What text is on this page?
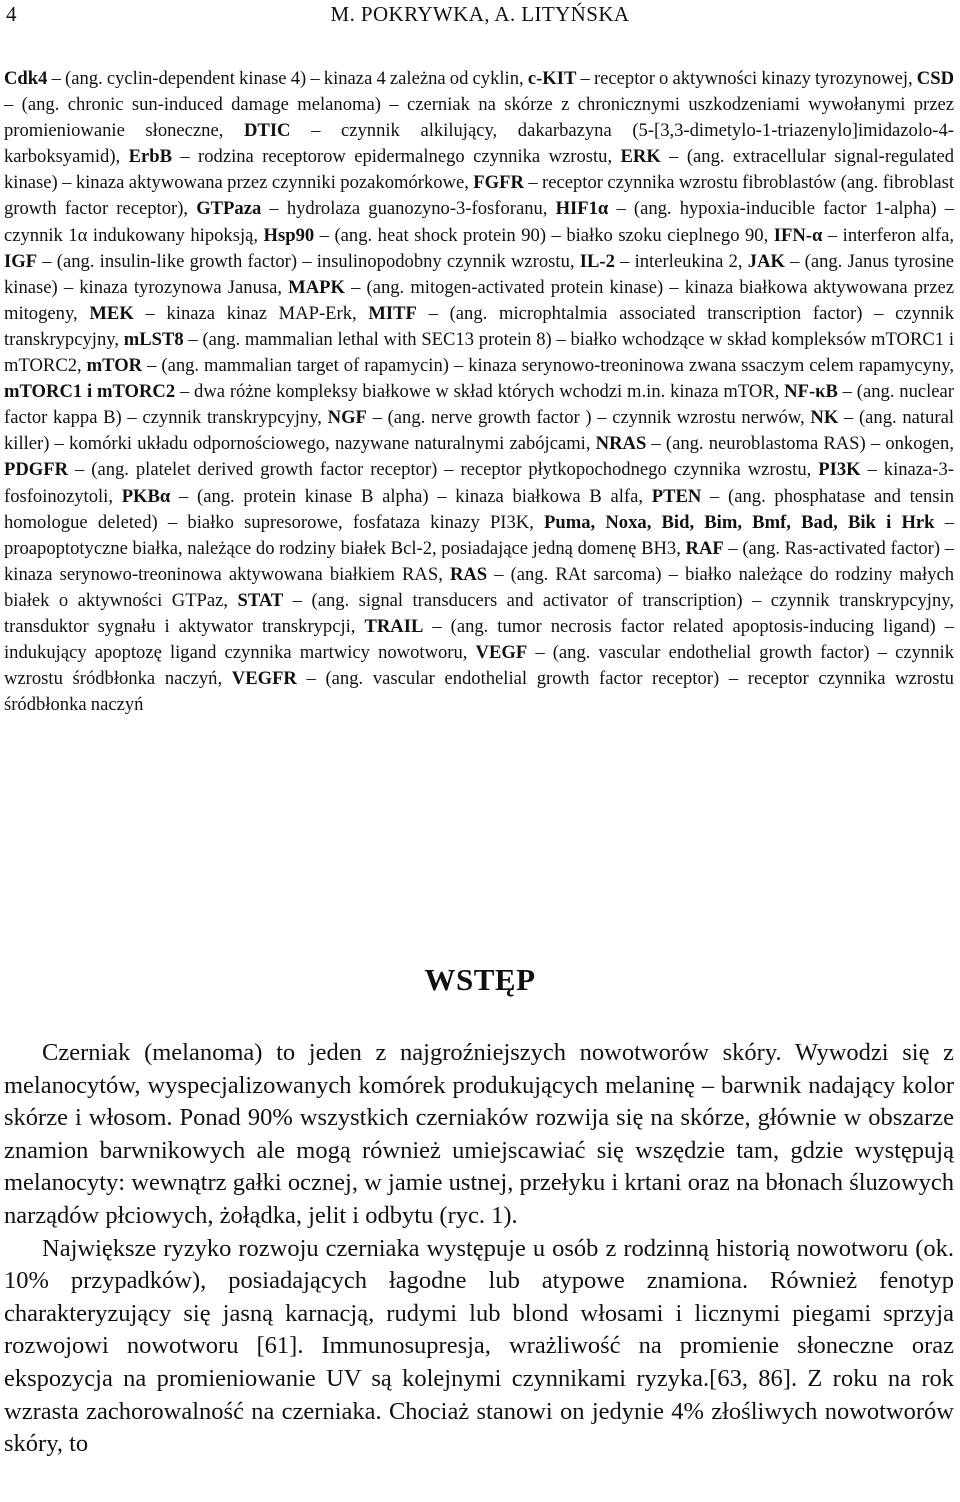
4	M. POKRYWKA, A. LITYŃSKA
Cdk4 – (ang. cyclin-dependent kinase 4) – kinaza 4 zależna od cyklin, c-KIT – receptor o aktywności kinazy tyrozynowej, CSD – (ang. chronic sun-induced damage melanoma) – czerniak na skórze z chronicznymi uszkodzeniami wywołanymi przez promieniowanie słoneczne, DTIC – czynnik alkilujący, dakarbazyna (5-[3,3-dimetylo-1-triazenylo]imidazolo-4-karboksyamid), ErbB – rodzina receptorow epidermalnego czynnika wzrostu, ERK – (ang. extracellular signal-regulated kinase) – kinaza aktywowana przez czynniki pozakomórkowe, FGFR – receptor czynnika wzrostu fibroblastów (ang. fibroblast growth factor receptor), GTPaza – hydrolaza guanozyno-3-fosforanu, HIF1α – (ang. hypoxia-inducible factor 1-alpha) – czynnik 1α indukowany hipoksją, Hsp90 – (ang. heat shock protein 90) – białko szoku cieplnego 90, IFN-α – interferon alfa, IGF – (ang. insulin-like growth factor) – insulinopodobny czynnik wzrostu, IL-2 – interleukina 2, JAK – (ang. Janus tyrosine kinase) – kinaza tyrozynowa Janusa, MAPK – (ang. mitogen-activated protein kinase) – kinaza białkowa aktywowana przez mitogeny, MEK – kinaza kinaz MAP-Erk, MITF – (ang. microphtalmia associated transcription factor) – czynnik transkrypcyjny, mLST8 – (ang. mammalian lethal with SEC13 protein 8) – białko wchodzące w skład kompleksów mTORC1 i mTORC2, mTOR – (ang. mammalian target of rapamycin) – kinaza serynowo-treoninowa zwana ssaczym celem rapamycyny, mTORC1 i mTORC2 – dwa różne kompleksy białkowe w skład których wchodzi m.in. kinaza mTOR, NF-κB – (ang. nuclear factor kappa B) – czynnik transkrypcyjny, NGF – (ang. nerve growth factor ) – czynnik wzrostu nerwów, NK – (ang. natural killer) – komórki układu odpornościowego, nazywane naturalnymi zabójcami, NRAS – (ang. neuroblastoma RAS) – onkogen, PDGFR – (ang. platelet derived growth factor receptor) – receptor płytkopochodnego czynnika wzrostu, PI3K – kinaza-3-fosfoinozytoli, PKBα – (ang. protein kinase B alpha) – kinaza białkowa B alfa, PTEN – (ang. phosphatase and tensin homologue deleted) – białko supresorowe, fosfataza kinazy PI3K, Puma, Noxa, Bid, Bim, Bmf, Bad, Bik i Hrk – proapoptotyczne białka, należące do rodziny białek Bcl-2, posiadające jedną domenę BH3, RAF – (ang. Ras-activated factor) – kinaza serynowo-treoninowa aktywowana białkiem RAS, RAS – (ang. RAt sarcoma) – białko należące do rodziny małych białek o aktywności GTPaz, STAT – (ang. signal transducers and activator of transcription) – czynnik transkrypcyjny, transduktor sygnału i aktywator transkrypcji, TRAIL – (ang. tumor necrosis factor related apoptosis-inducing ligand) – indukujący apoptozę ligand czynnika martwicy nowotworu, VEGF – (ang. vascular endothelial growth factor) – czynnik wzrostu śródbłonka naczyń, VEGFR – (ang. vascular endothelial growth factor receptor) – receptor czynnika wzrostu śródbłonka naczyń
WSTĘP

Czerniak (melanoma) to jeden z najgroźniejszych nowotworów skóry. Wywodzi się z melanocytów, wyspecjalizowanych komórek produkujących melaninę – barwnik nadający kolor skórze i włosom. Ponad 90% wszystkich czerniaków rozwija się na skórze, głównie w obszarze znamion barwnikowych ale mogą również umiejscawiać się wszędzie tam, gdzie występują melanocyty: wewnątrz gałki ocznej, w jamie ustnej, przełyku i krtani oraz na błonach śluzowych narządów płciowych, żołądka, jelit i odbytu (ryc. 1).

Największe ryzyko rozwoju czerniaka występuje u osób z rodzinną historią nowotworu (ok. 10% przypadków), posiadających łagodne lub atypowe znamiona. Również fenotyp charakteryzujący się jasną karnacją, rudymi lub blond włosami i licznymi piegami sprzyja rozwojowi nowotworu [61]. Immunosupresja, wrażliwość na promienie słoneczne oraz ekspozycja na promieniowanie UV są kolejnymi czynnikami ryzyka.[63, 86]. Z roku na rok wzrasta zachorowalność na czerniaka. Chociaż stanowi on jedynie 4% złośliwych nowotworów skóry, to
